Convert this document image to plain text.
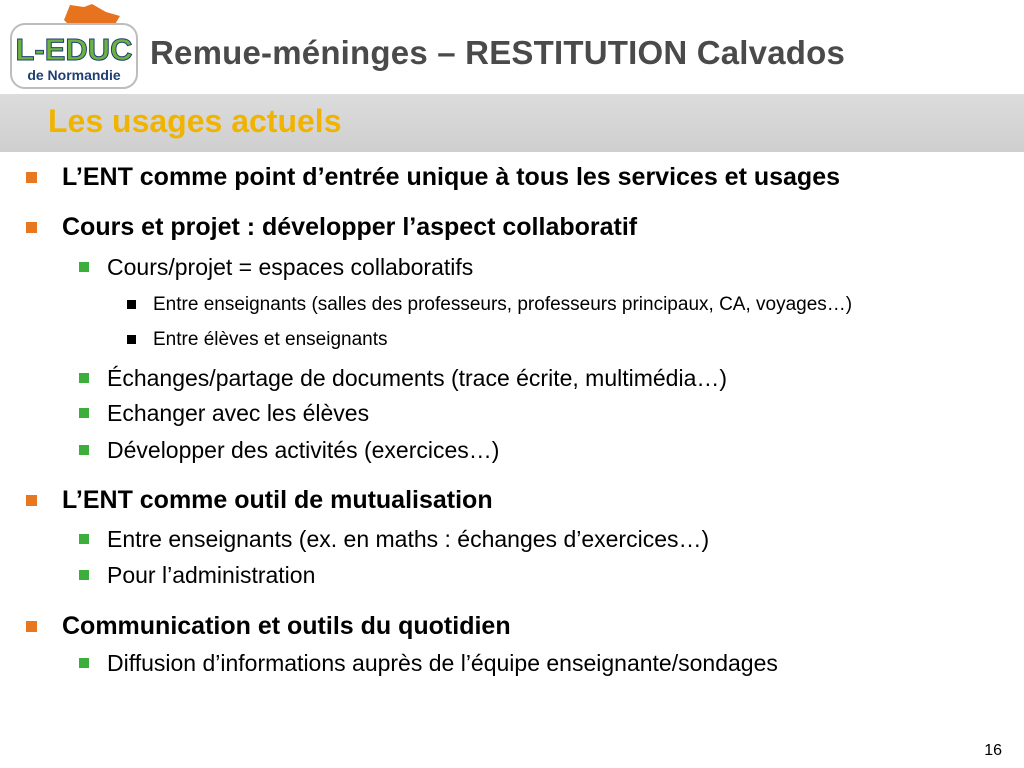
L-EDUC
de Normandie
Remue-méninges – RESTITUTION Calvados
Les usages actuels
L’ENT comme point d’entrée unique à tous les services et usages
Cours et projet : développer l’aspect collaboratif
Cours/projet = espaces collaboratifs
Entre enseignants (salles des professeurs, professeurs principaux, CA, voyages…)
Entre élèves et enseignants
Échanges/partage de documents (trace écrite, multimédia…)
Echanger avec les élèves
Développer des activités (exercices…)
L’ENT comme outil de mutualisation
Entre enseignants (ex. en maths : échanges d’exercices…)
Pour l’administration
Communication et outils du quotidien
Diffusion d’informations auprès de l’équipe enseignante/sondages
16
